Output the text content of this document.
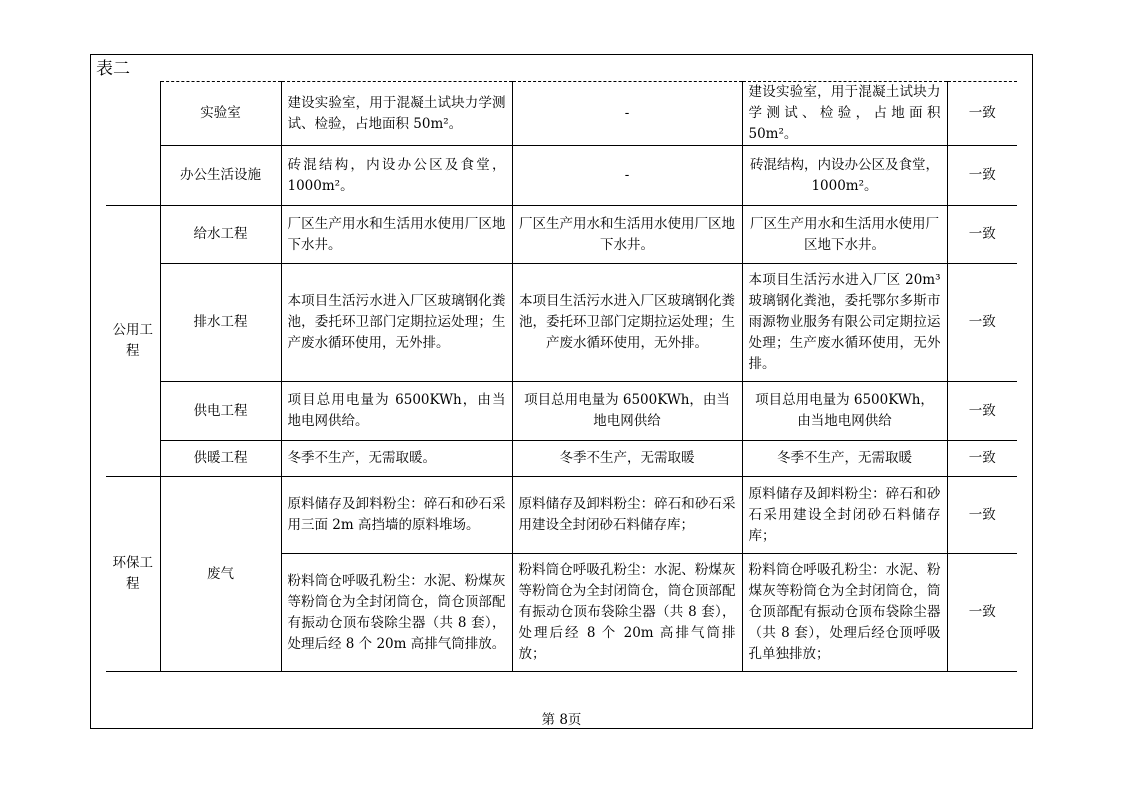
表二
	实验室	建设实验室，用于混凝土试块力学测试、检验，占地面积 50m²。	-	建设实验室，用于混凝土试块力学测试、检验，占地面积 50m²。	一致
	办公生活设施	砖混结构，内设办公区及食堂，1000m²。	-	砖混结构，内设办公区及食堂，1000m²。	一致
公用工程	给水工程	厂区生产用水和生活用水使用厂区地下水井。	厂区生产用水和生活用水使用厂区地下水井。	厂区生产用水和生活用水使用厂区地下水井。	一致
	排水工程	本项目生活污水进入厂区玻璃钢化粪池，委托环卫部门定期拉运处理；生产废水循环使用，无外排。	本项目生活污水进入厂区玻璃钢化粪池，委托环卫部门定期拉运处理；生产废水循环使用，无外排。	本项目生活污水进入厂区 20m³玻璃钢化粪池，委托鄂尔多斯市雨源物业服务有限公司定期拉运处理；生产废水循环使用，无外排。	一致
	供电工程	项目总用电量为 6500KWh，由当地电网供给。	项目总用电量为 6500KWh，由当地电网供给	项目总用电量为 6500KWh，由当地电网供给	一致
	供暖工程	冬季不生产，无需取暖。	冬季不生产，无需取暖	冬季不生产，无需取暖	一致
环保工程	废气	原料储存及卸料粉尘：碎石和砂石采用三面 2m 高挡墙的原料堆场。	原料储存及卸料粉尘：碎石和砂石采用建设全封闭砂石料储存库；	原料储存及卸料粉尘：碎石和砂石采用建设全封闭砂石料储存库；	一致
		粉料筒仓呼吸孔粉尘：水泥、粉煤灰等粉筒仓为全封闭筒仓，筒仓顶部配有振动仓顶布袋除尘器（共 8 套），处理后经 8 个 20m 高排气筒排放。	粉料筒仓呼吸孔粉尘：水泥、粉煤灰等粉筒仓为全封闭筒仓，筒仓顶部配有振动仓顶布袋除尘器（共 8 套），处理后经 8 个 20m 高排气筒排放；	粉料筒仓呼吸孔粉尘：水泥、粉煤灰等粉筒仓为全封闭筒仓，筒仓顶部配有振动仓顶布袋除尘器（共 8 套），处理后经仓顶呼吸孔单独排放；	一致
第 8页
